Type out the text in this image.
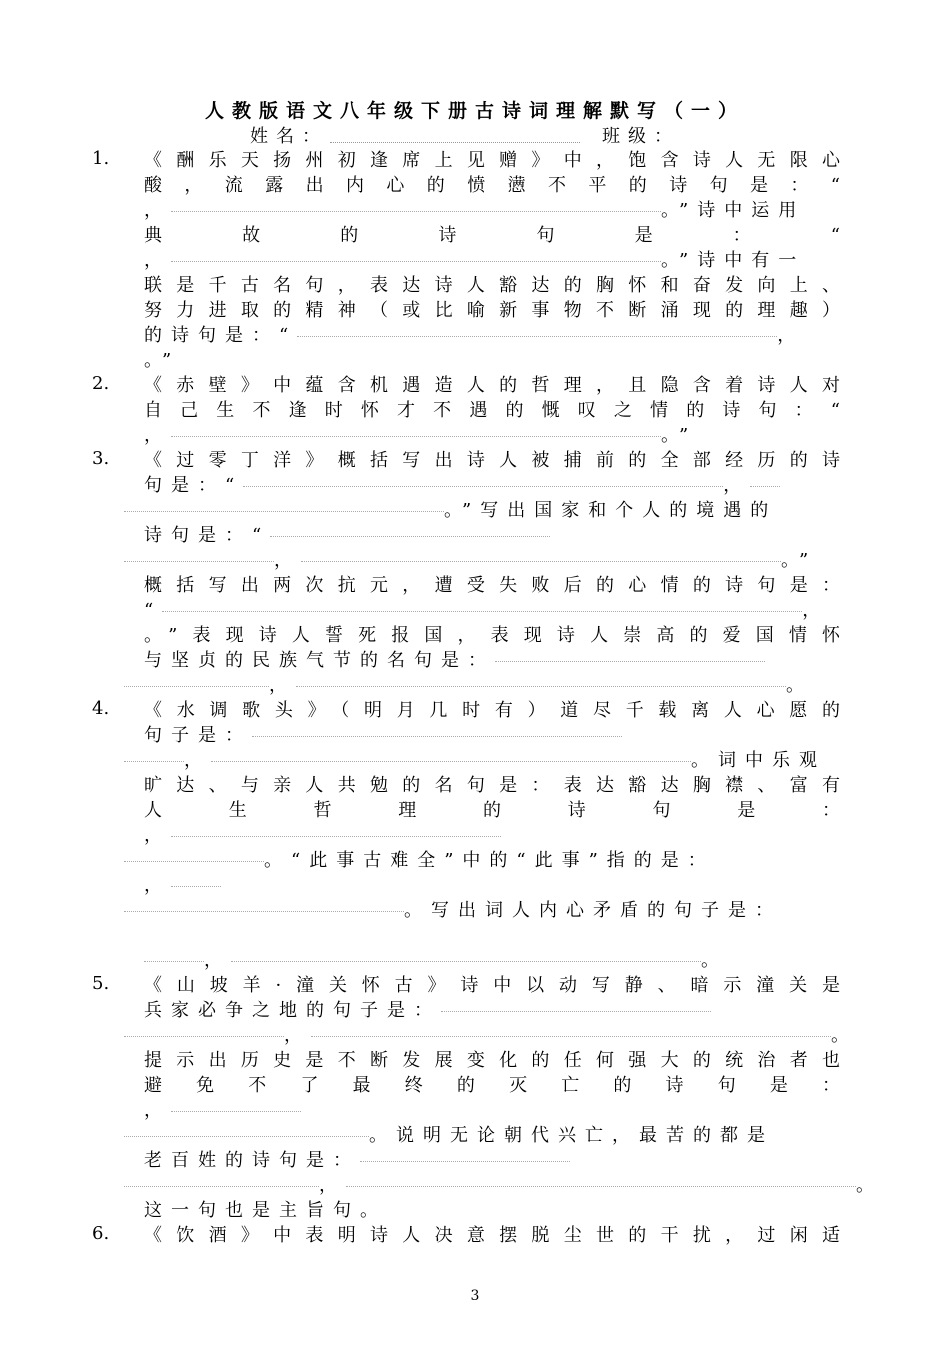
人教版语文八年级下册古诗词理解默写（一）
姓名：	班级：
1. 《酬乐天扬州初逢席上见赠》中，饱含诗人无限心
酸，流露出内心的愤懑不平的诗句是：“
，	。”诗中运用
典故的诗句是：“
，	。”诗中有一
联是千古名句，表达诗人豁达的胸怀和奋发向上、
努力进取的精神（或比喻新事物不断涌现的理趣）
的诗句是：“	，
。”
2. 《赤壁》中蕴含机遇造人的哲理，且隐含着诗人对
自己生不逢时怀才不遇的慨叹之情的诗句：“
，	。”
3. 《过零丁洋》概括写出诗人被捕前的全部经历的诗
句是：“	，
。”写出国家和个人的境遇的
诗句是：“
，	。”
概括写出两次抗元，遭受失败后的心情的诗句是：
“	，
。”表现诗人誓死报国，表现诗人崇高的爱国情怀
与坚贞的民族气节的名句是：
，	。
4. 《水调歌头》（明月几时有）道尽千载离人心愿的
句子是：
，	。词中乐观
旷达、与亲人共勉的名句是：表达豁达胸襟、富有
人生哲理的诗句是：
，
。“此事古难全”中的“此事”指的是：
，
。写出词人内心矛盾的句子是：
，	。
5. 《山坡羊·潼关怀古》诗中以动写静、暗示潼关是
兵家必争之地的句子是：
，	。
提示出历史是不断发展变化的任何强大的统治者也
避免不了最终的灭亡的诗句是：
，
。说明无论朝代兴亡，最苦的都是
老百姓的诗句是：
，	。
这一句也是主旨句。
6. 《饮酒》中表明诗人决意摆脱尘世的干扰，过闲适
3
